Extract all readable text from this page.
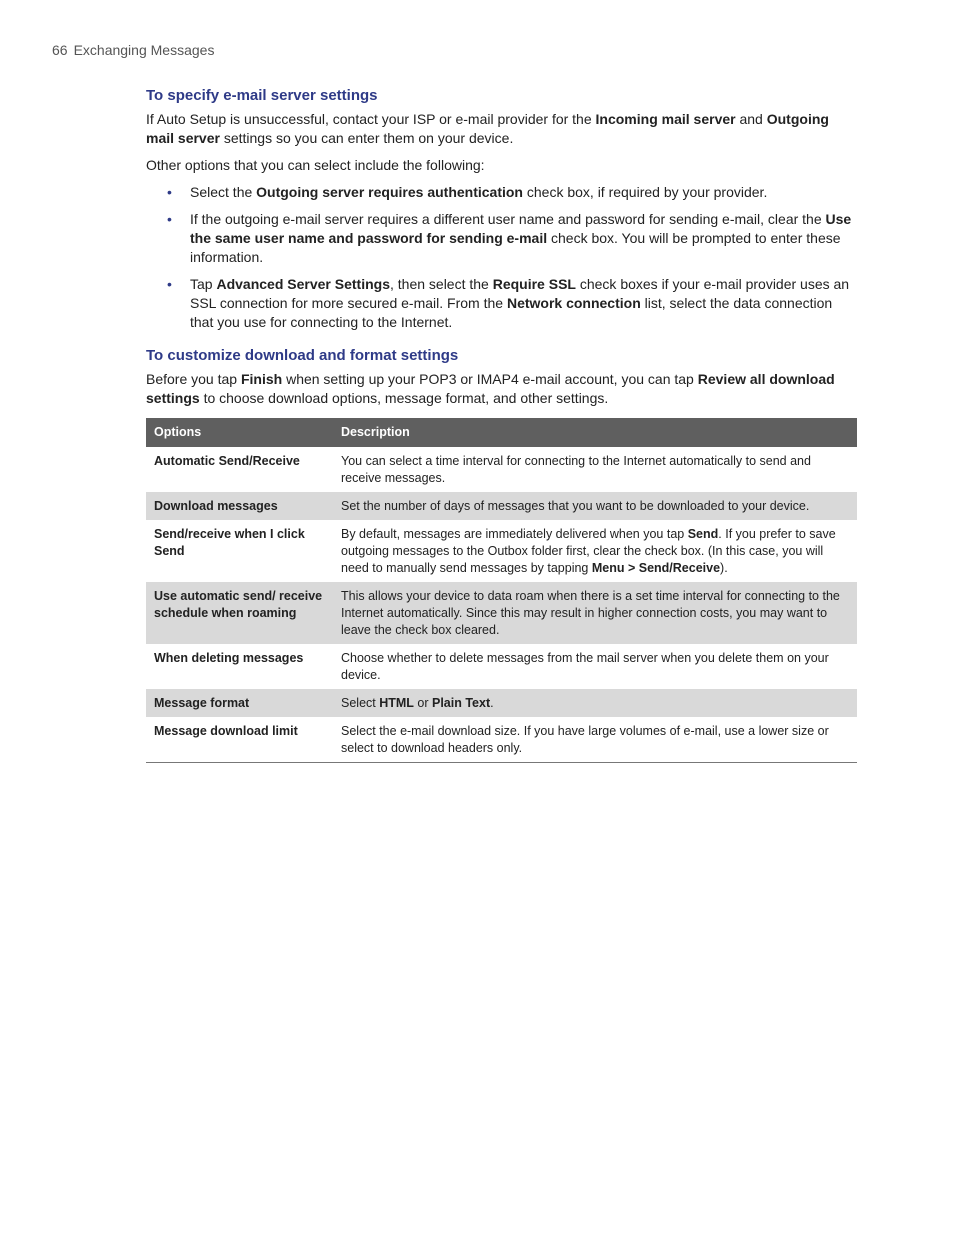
66 Exchanging Messages
To specify e-mail server settings

If Auto Setup is unsuccessful, contact your ISP or e-mail provider for the Incoming mail server and Outgoing mail server settings so you can enter them on your device.

Other options that you can select include the following:

• Select the Outgoing server requires authentication check box, if required by your provider.
• If the outgoing e-mail server requires a different user name and password for sending e-mail, clear the Use the same user name and password for sending e-mail check box. You will be prompted to enter these information.
• Tap Advanced Server Settings, then select the Require SSL check boxes if your e-mail provider uses an SSL connection for more secured e-mail. From the Network connection list, select the data connection that you use for connecting to the Internet.
To customize download and format settings

Before you tap Finish when setting up your POP3 or IMAP4 e-mail account, you can tap Review all download settings to choose download options, message format, and other settings.

Options	Description
Automatic Send/Receive	You can select a time interval for connecting to the Internet automatically to send and receive messages.
Download messages	Set the number of days of messages that you want to be downloaded to your device.
Send/receive when I click Send	By default, messages are immediately delivered when you tap Send. If you prefer to save outgoing messages to the Outbox folder first, clear the check box. (In this case, you will need to manually send messages by tapping Menu > Send/Receive).
Use automatic send/ receive schedule when roaming	This allows your device to data roam when there is a set time interval for connecting to the Internet automatically. Since this may result in higher connection costs, you may want to leave the check box cleared.
When deleting messages	Choose whether to delete messages from the mail server when you delete them on your device.
Message format	Select HTML or Plain Text.
Message download limit	Select the e-mail download size. If you have large volumes of e-mail, use a lower size or select to download headers only.
